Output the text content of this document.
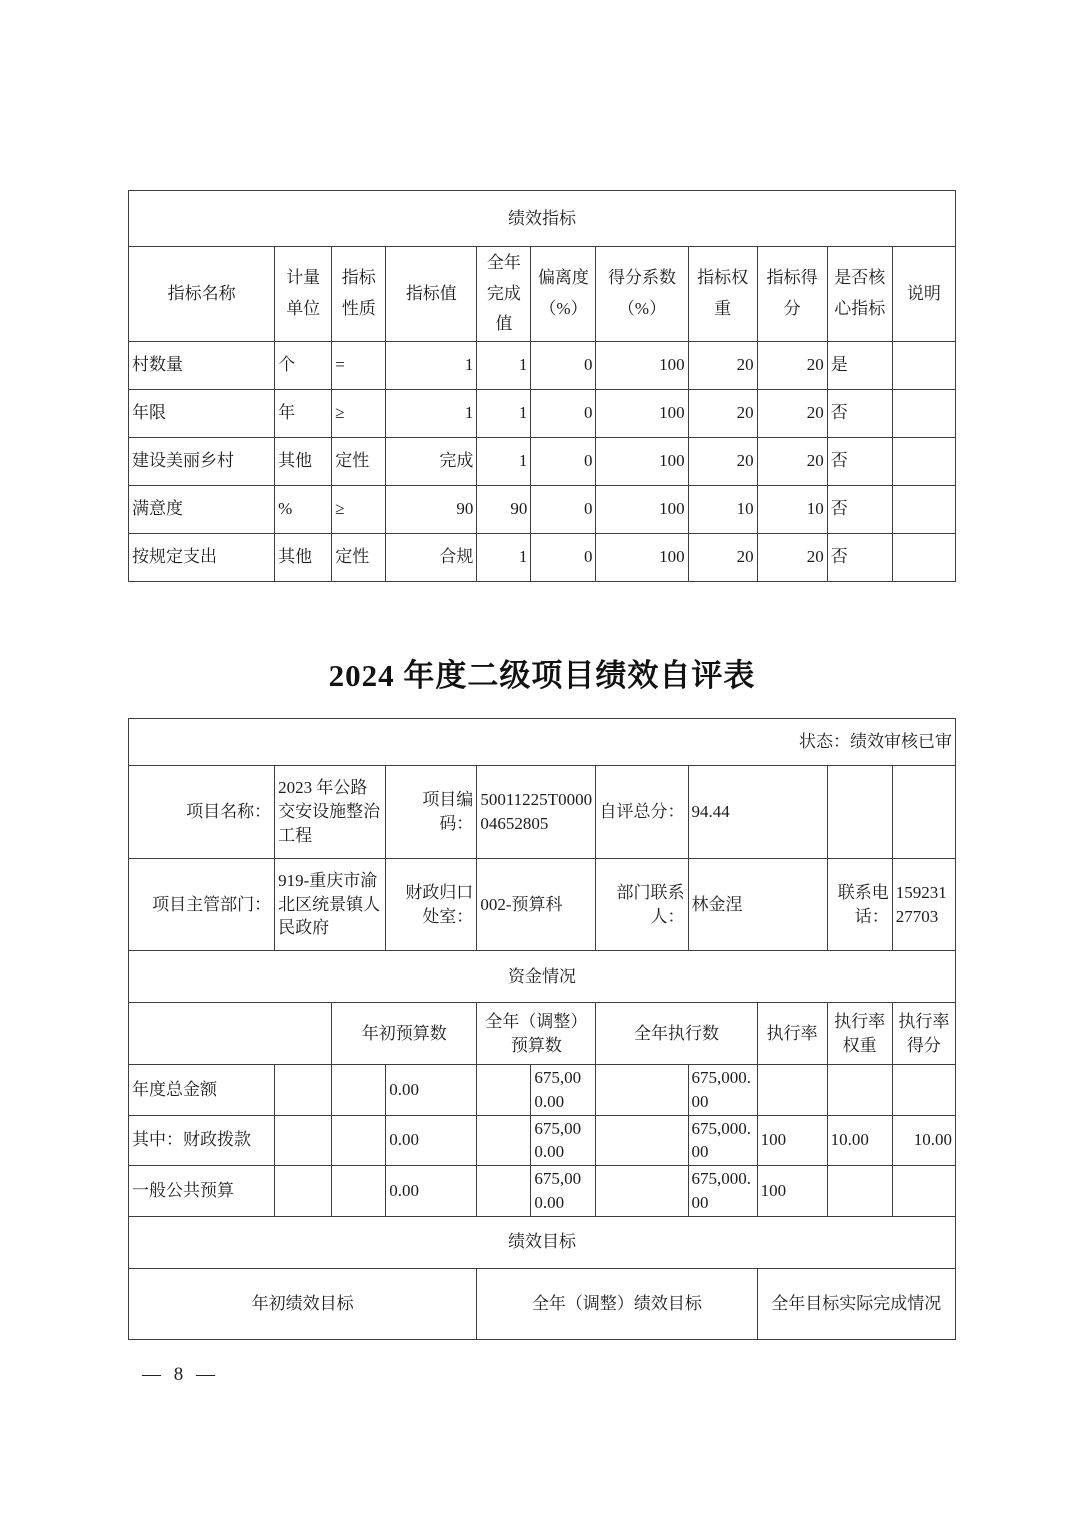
绩效指标										
指标名称	计量单位	指标性质	指标值	全年完成值	偏离度（%）	得分系数（%）	指标权重	指标得分	是否核心指标	说明
村数量	个	=	1	1	0	100	20	20	是	
年限	年	≥	1	1	0	100	20	20	否	
建设美丽乡村	其他	定性	完成	1	0	100	20	20	否	
满意度	%	≥	90	90	0	100	10	10	否	
按规定支出	其他	定性	合规	1	0	100	20	20	否	
2024 年度二级项目绩效自评表
状态：绩效审核已审										
项目名称：	2023 年公路交安设施整治工程		项目编码：	50011225T000004652805		自评总分：	94.44			
项目主管部门：	919-重庆市渝北区统景镇人民政府		财政归口处室：	002-预算科		部门联系人：	林金涅		联系电话：	15923127703
资金情况										
		年初预算数		全年（调整）预算数		全年执行数		执行率	执行率权重	执行率得分
年度总金额			0.00		675,000.00		675,000.00			
其中：财政拨款			0.00		675,000.00		675,000.00	100	10.00	10.00
一般公共预算			0.00		675,000.00		675,000.00	100		
绩效目标										
年初绩效目标				全年（调整）绩效目标				全年目标实际完成情况		
— 8 —
